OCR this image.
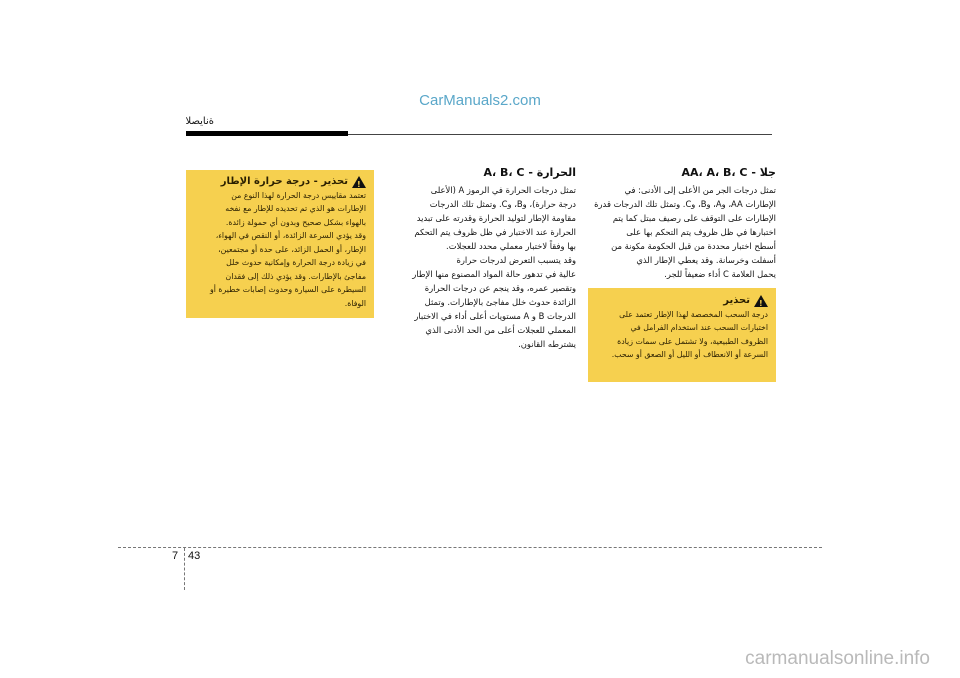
CarManuals2.com
ةنايصلا
جلا - AA، A، B، C
تمثل درجات الجر من الأعلى إلى الأدنى: في
الإطارات AA، وA، وB، وC. وتمثل تلك الدرجات قدرة
الإطارات على التوقف على رصيف مبتل كما يتم
اختبارها في ظل ظروف يتم التحكم بها على
أسطح اختبار محددة من قبل الحكومة مكونة من
أسفلت وخرسانة. وقد يعطي الإطار الذي
يحمل العلامة C أداء ضعيفاً للجر.
!
تحذير
درجة السحب المخصصة لهذا الإطار تعتمد على
اختبارات السحب عند استخدام الفرامل في
الظروف الطبيعية، ولا تشتمل على سمات زيادة
السرعة أو الانعطاف أو الليل أو الصعق أو سحب.
الحرارة - A، B، C
تمثل درجات الحرارة في الرموز A (الأعلى
درجة حرارة)، وB، وC. وتمثل تلك الدرجات
مقاومة الإطار لتوليد الحرارة وقدرته على تبديد
الحرارة عند الاختبار في ظل ظروف يتم التحكم
بها وفقاً لاختبار معملي محدد للعجلات.
وقد يتسبب التعرض لدرجات حرارة
عالية في تدهور حالة المواد المصنوع منها الإطار
وتقصير عمره، وقد ينجم عن درجات الحرارة
الزائدة حدوث خلل مفاجئ بالإطارات. وتمثل
الدرجات B و A مستويات أعلى أداء في الاختبار
المعملي للعجلات أعلى من الحد الأدنى الذي
يشترطه القانون.
!
تحذير - درجة حرارة الإطار
تعتمد مقاييس درجة الحرارة لهذا النوع من
الإطارات هو الذي تم تحديده للإطار مع نفخه
بالهواء بشكل صحيح وبدون أي حمولة زائدة.
وقد يؤدي السرعة الزائدة، أو النقص في الهواء،
الإطار، أو الحمل الزائد، على حدة أو مجتمعين،
في زيادة درجة الحرارة وإمكانية حدوث خلل
مفاجئ بالإطارات. وقد يؤدي ذلك إلى فقدان
السيطرة على السيارة وحدوث إصابات خطيرة أو
الوفاة.
7 43
carmanualsonline.info
